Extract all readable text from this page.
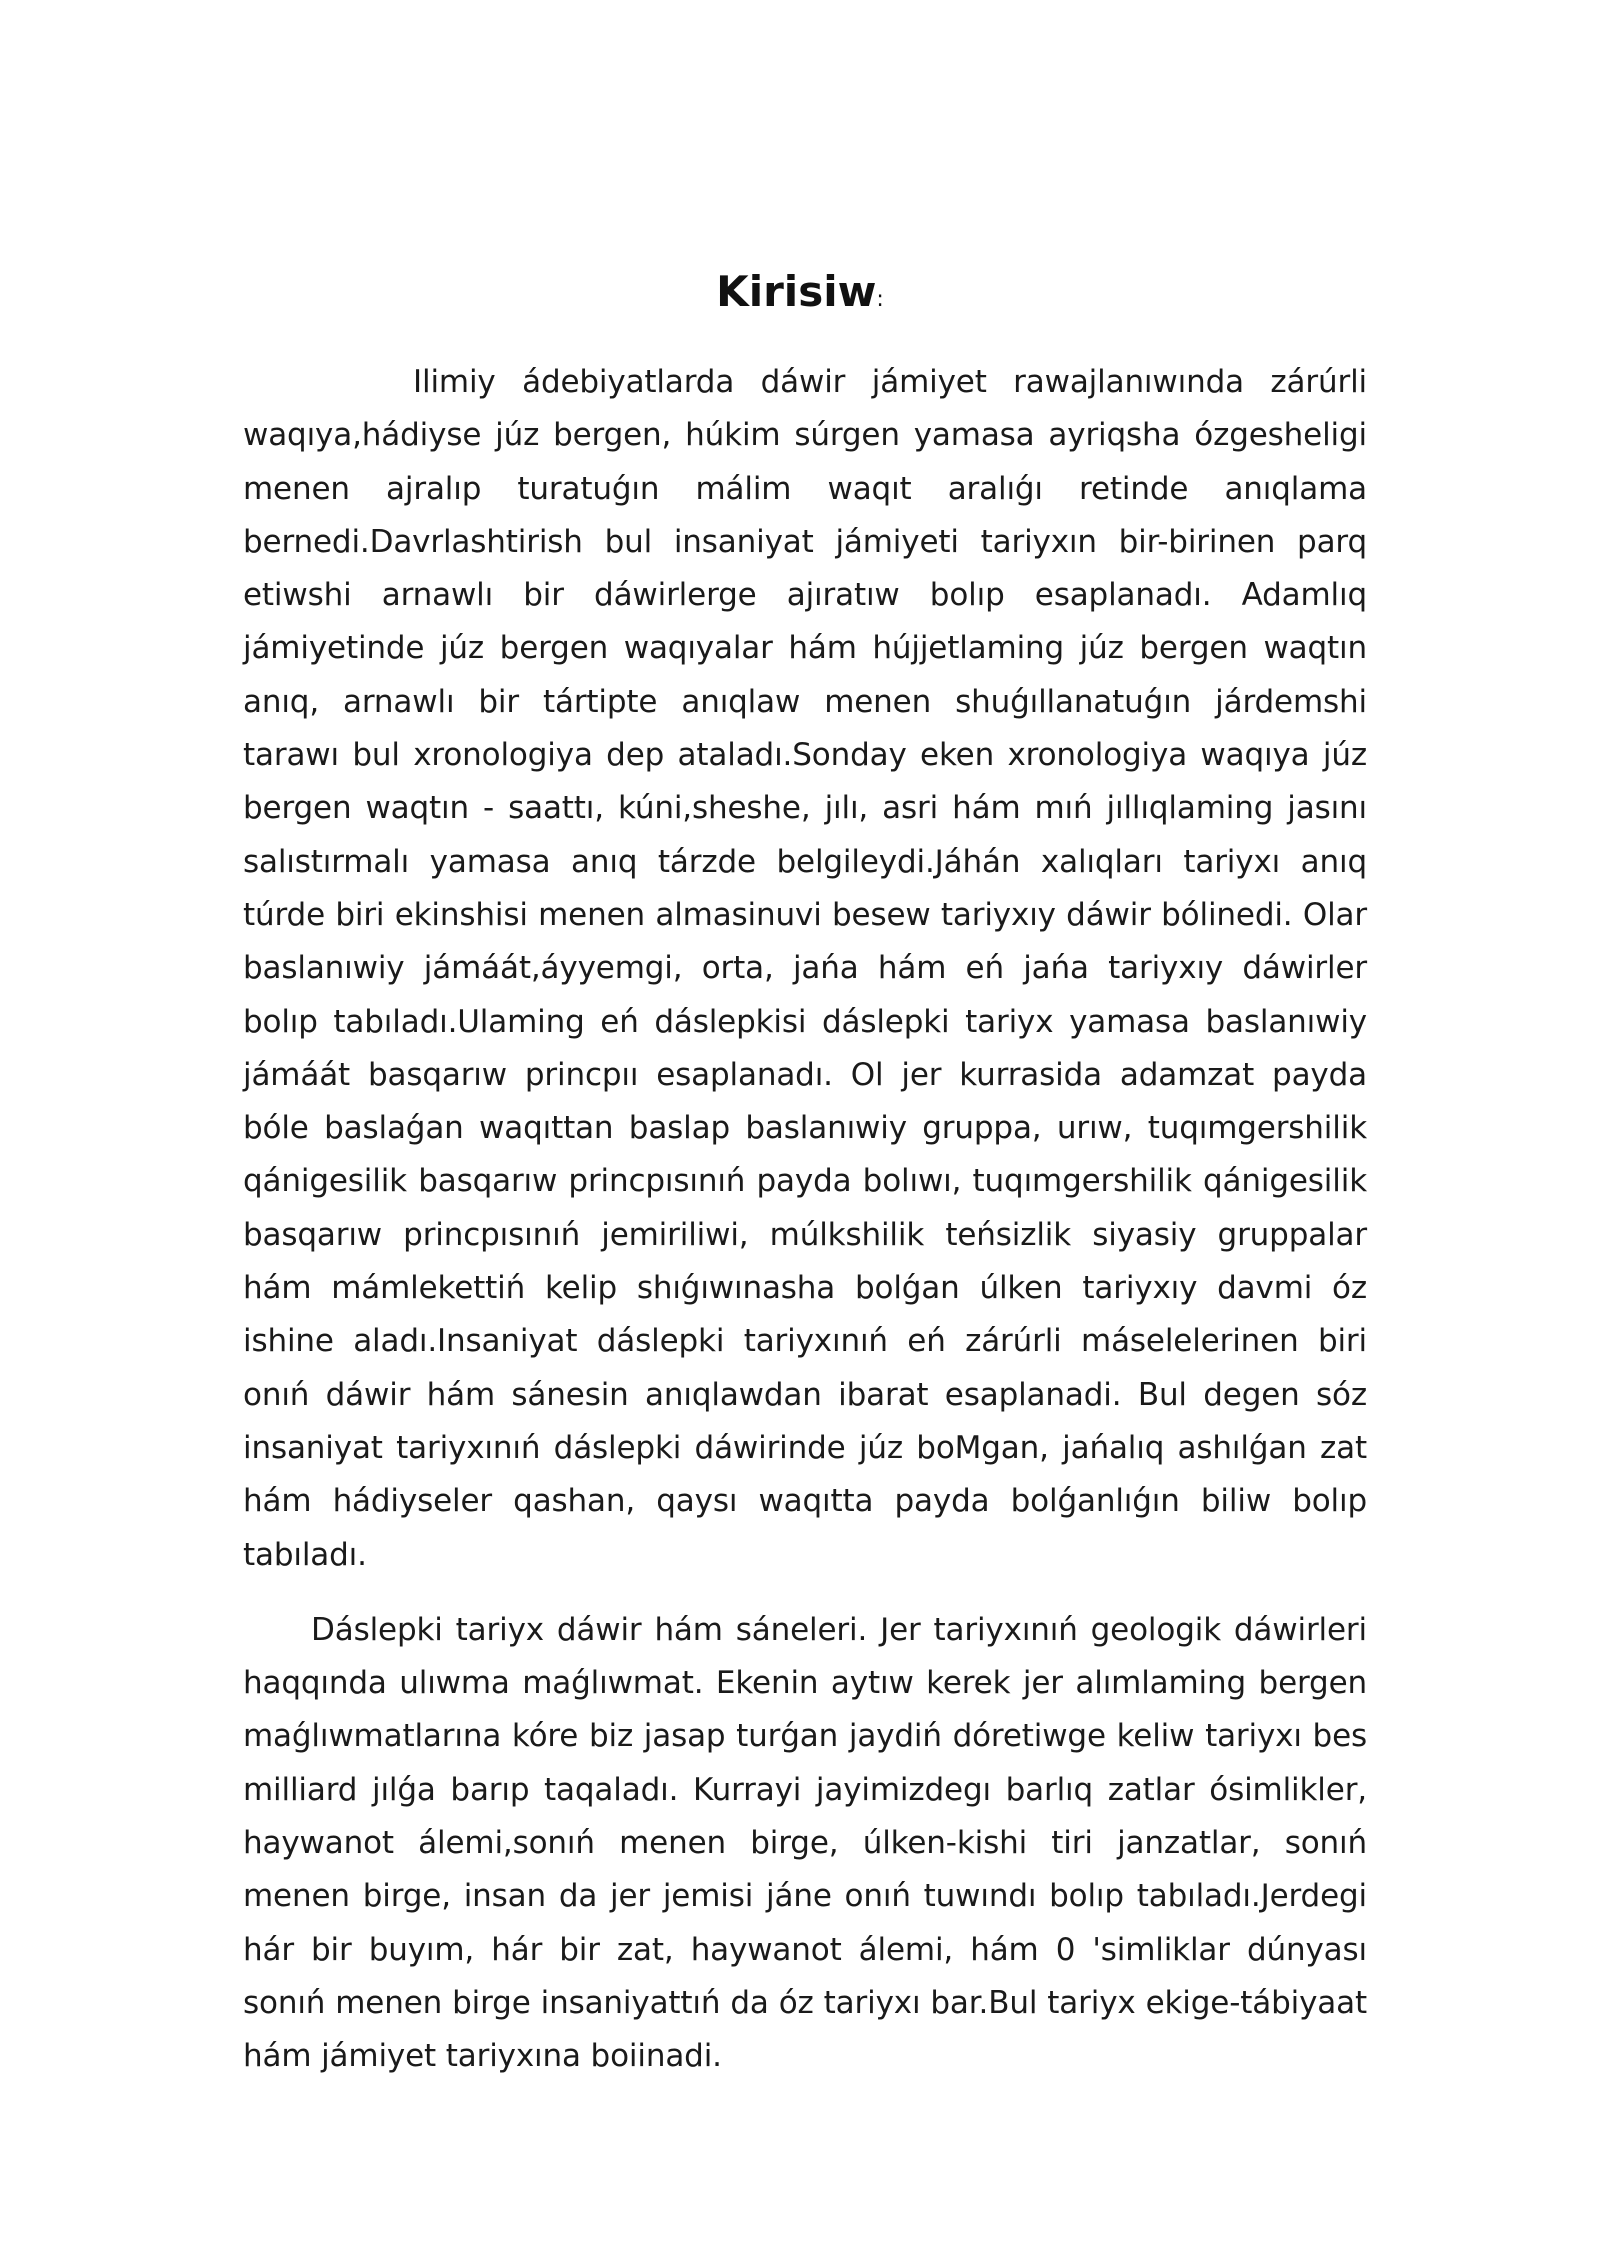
Kirisiw:

Ilimiy ádebiyatlarda dáwir jámiyet rawajlanıwında zárúrli waqıya,hádiyse júz bergen, húkim súrgen yamasa ayriqsha ózgesheligi menen ajralıp turatuǵın málim waqıt aralıǵı retinde anıqlama bernedi.Davrlashtirish bul insaniyat jámiyeti tariyxın bir-birinen parq etiwshi arnawlı bir dáwirlerge ajıratıw bolıp esaplanadı. Adamlıq jámiyetinde júz bergen waqıyalar hám hújjetlaming júz bergen waqtın anıq, arnawlı bir tártipte anıqlaw menen shuǵıllanatuǵın járdemshi tarawı bul xronologiya dep ataladı.Sonday eken xronologiya waqıya júz bergen waqtın - saattı, kúni,sheshe, jılı, asri hám mıń jıllıqlaming jasını salıstırmalı yamasa anıq tárzde belgileydi.Jáhán xalıqları tariyxı anıq túrde biri ekinshisi menen almasinuvi besew tariyxıy dáwir bólinedi. Olar baslanıwiy jámáát,áyyemgi, orta, jańa hám eń jańa tariyxıy dáwirler bolıp tabıladı.Ulaming eń dáslepkisi dáslepki tariyx yamasa baslanıwiy jámáát basqarıw princpıı esaplanadı. Ol jer kurrasida adamzat payda bóle baslaǵan waqıttan baslap baslanıwiy gruppa, urıw, tuqımgershilik qánigesilik basqarıw princpısınıń payda bolıwı, tuqımgershilik qánigesilik basqarıw princpısınıń jemiriliwi, múlkshilik teńsizlik siyasiy gruppalar hám mámlekettiń kelip shıǵıwınasha bolǵan úlken tariyxıy davmi óz ishine aladı.Insaniyat dáslepki tariyxınıń eń zárúrli máselelerinen biri onıń dáwir hám sánesin anıqlawdan ibarat esaplanadi. Bul degen sóz insaniyat tariyxınıń dáslepki dáwirinde júz boMgan, jańalıq ashılǵan zat hám hádiyseler qashan, qaysı waqıtta payda bolǵanlıǵın biliw bolıp tabıladı.

Dáslepki tariyx dáwir hám sáneleri. Jer tariyxınıń geologik dáwirleri haqqında ulıwma maǵlıwmat. Ekenin aytıw kerek jer alımlaming bergen maǵlıwmatlarına kóre biz jasap turǵan jaydiń dóretiwge keliw tariyxı bes milliard jılǵa barıp taqaladı. Kurrayi jayimizdegı barlıq zatlar ósimlikler, haywanot álemi,sonıń menen birge, úlken-kishi tiri janzatlar, sonıń menen birge, insan da jer jemisi jáne onıń tuwındı bolıp tabıladı.Jerdegi hár bir buyım, hár bir zat, haywanot álemi, hám 0 'simliklar dúnyası sonıń menen birge insaniyattıń da óz tariyxı bar.Bul tariyx ekige-tábiyaat hám jámiyet tariyxına boiinadi.
